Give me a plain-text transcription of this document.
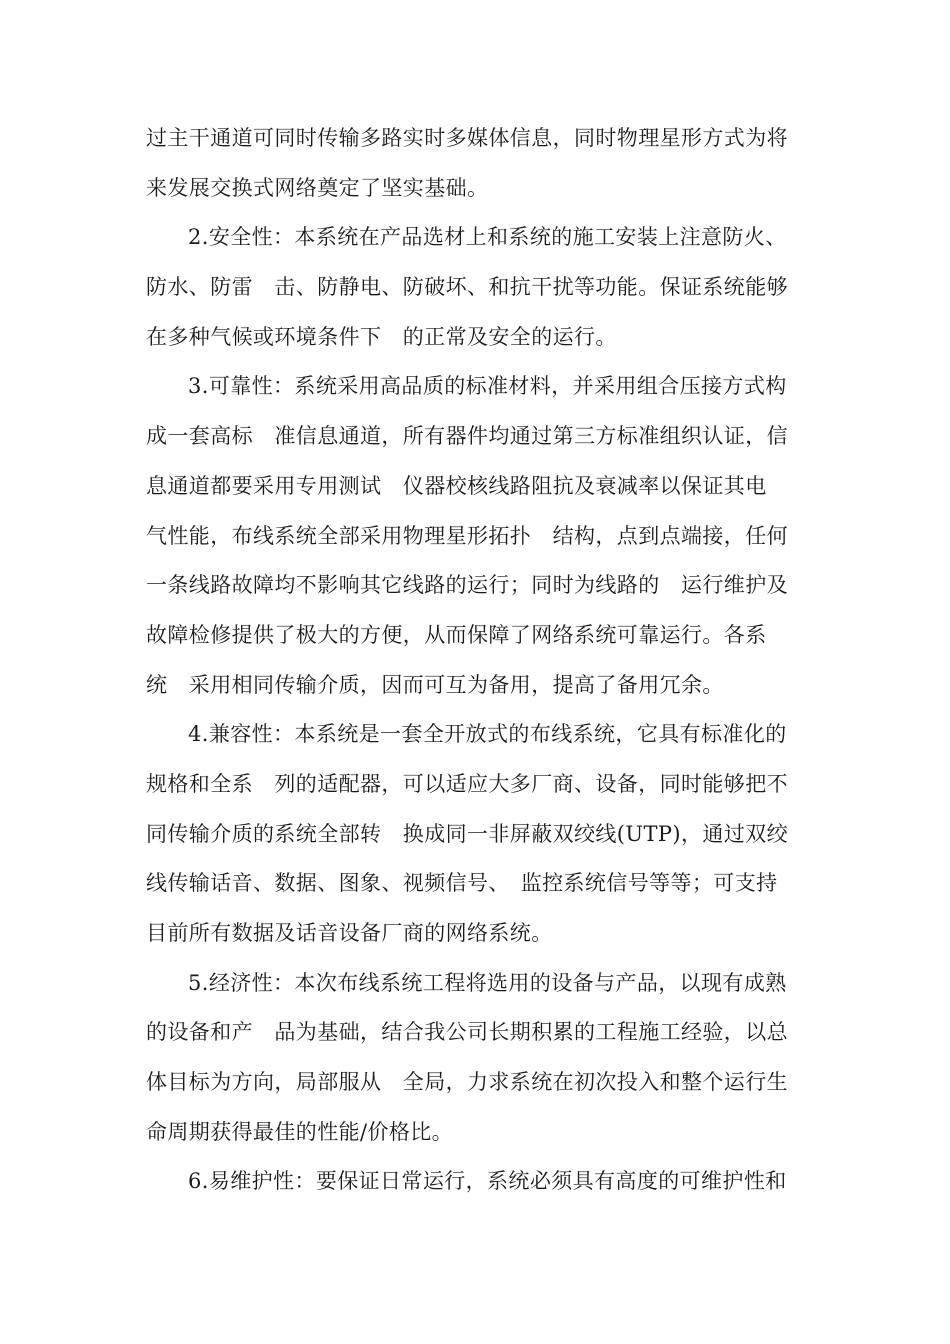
过主干通道可同时传输多路实时多媒体信息，同时物理星形方式为将
来发展交换式网络奠定了坚实基础。
2.安全性：本系统在产品选材上和系统的施工安装上注意防火、
防水、防雷　击、防静电、防破坏、和抗干扰等功能。保证系统能够
在多种气候或环境条件下　的正常及安全的运行。
3.可靠性：系统采用高品质的标准材料，并采用组合压接方式构
成一套高标　准信息通道，所有器件均通过第三方标准组织认证，信
息通道都要采用专用测试　仪器校核线路阻抗及衰减率以保证其电
气性能，布线系统全部采用物理星形拓扑　结构，点到点端接，任何
一条线路故障均不影响其它线路的运行；同时为线路的　运行维护及
故障检修提供了极大的方便，从而保障了网络系统可靠运行。各系
统　采用相同传输介质，因而可互为备用，提高了备用冗余。
4.兼容性：本系统是一套全开放式的布线系统，它具有标准化的
规格和全系　列的适配器，可以适应大多厂商、设备，同时能够把不
同传输介质的系统全部转　换成同一非屏蔽双绞线(UTP)，通过双绞
线传输话音、数据、图象、视频信号、　监控系统信号等等；可支持
目前所有数据及话音设备厂商的网络系统。
5.经济性：本次布线系统工程将选用的设备与产品，以现有成熟
的设备和产　品为基础，结合我公司长期积累的工程施工经验，以总
体目标为方向，局部服从　全局，力求系统在初次投入和整个运行生
命周期获得最佳的性能/价格比。
6.易维护性：要保证日常运行，系统必须具有高度的可维护性和
